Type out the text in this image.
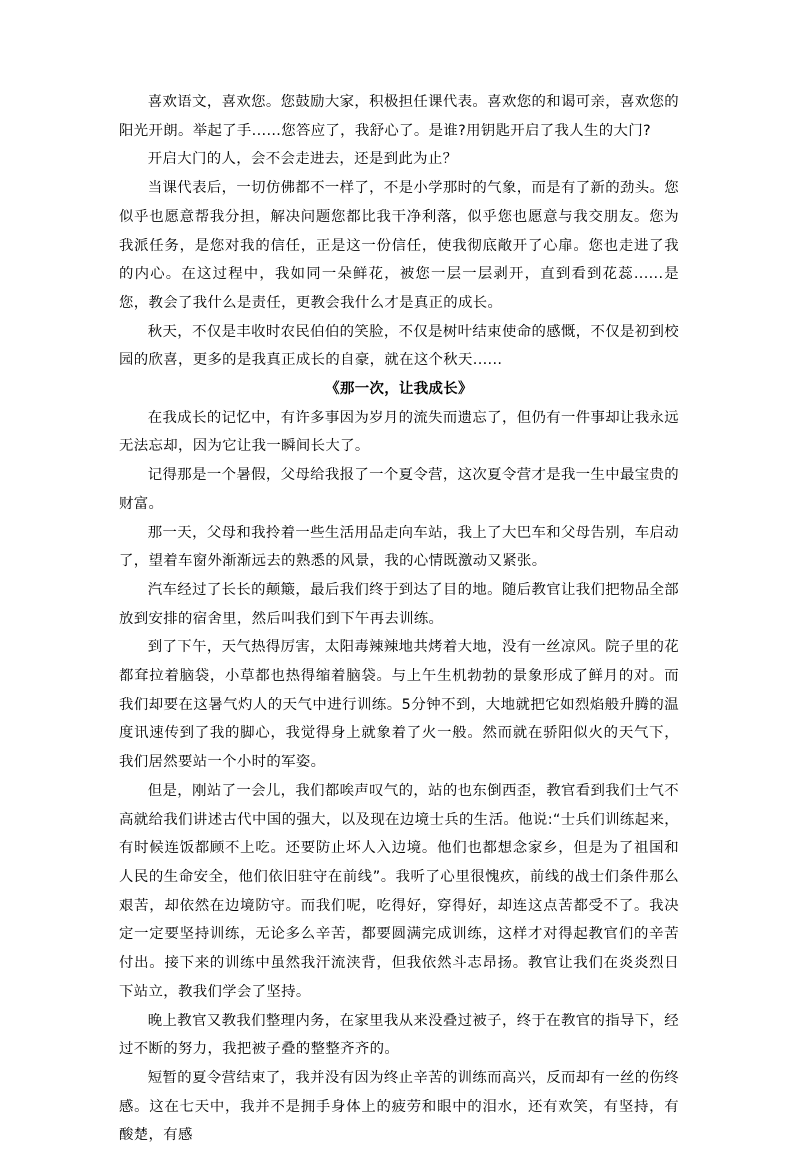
喜欢语文，喜欢您。您鼓励大家，积极担任课代表。喜欢您的和谒可亲，喜欢您的阳光开朗。举起了手......您答应了，我舒心了。是谁?用钥匙开启了我人生的大门?

开启大门的人，会不会走进去，还是到此为止？

当课代表后，一切仿佛都不一样了，不是小学那时的气象，而是有了新的劲头。您似乎也愿意帮我分担，解决问题您都比我干净利落，似乎您也愿意与我交朋友。您为我派任务，是您对我的信任，正是这一份信任，使我彻底敞开了心扉。您也走进了我的内心。在这过程中，我如同一朵鲜花，被您一层一层剥开，直到看到花蕊......是您，教会了我什么是责任，更教会我什么才是真正的成长。

秋天，不仅是丰收时农民伯伯的笑脸，不仅是树叶结束使命的感慨，不仅是初到校园的欣喜，更多的是我真正成长的自豪，就在这个秋天......

《那一次，让我成长》

在我成长的记忆中，有许多事因为岁月的流失而遗忘了，但仍有一件事却让我永远无法忘却，因为它让我一瞬间长大了。

记得那是一个暑假，父母给我报了一个夏令营，这次夏令营才是我一生中最宝贵的财富。

那一天，父母和我拎着一些生活用品走向车站，我上了大巴车和父母告别，车启动了，望着车窗外渐渐远去的熟悉的风景，我的心情既激动又紧张。

汽车经过了长长的颠簸，最后我们终于到达了目的地。随后教官让我们把物品全部放到安排的宿舍里，然后叫我们到下午再去训练。

到了下午，天气热得厉害，太阳毒辣辣地共烤着大地，没有一丝凉风。院子里的花都耷拉着脑袋，小草都也热得缩着脑袋。与上午生机勃勃的景象形成了鲜月的对。而我们却要在这暑气灼人的天气中进行训练。5分钟不到，大地就把它如烈焰般升腾的温度讯速传到了我的脚心，我觉得身上就象着了火一般。然而就在骄阳似火的天气下，我们居然要站一个小时的军姿。

但是，刚站了一会儿，我们都唉声叹气的，站的也东倒西歪，教官看到我们士气不高就给我们讲述古代中国的强大，以及现在边境士兵的生活。他说:“士兵们训练起来，有时候连饭都顾不上吃。还要防止坏人入边境。他们也都想念家乡，但是为了祖国和人民的生命安全，他们依旧驻守在前线”。我听了心里很愧疚，前线的战士们条件那么艰苦，却依然在边境防守。而我们呢，吃得好，穿得好，却连这点苦都受不了。我决定一定要坚持训练，无论多么辛苦，都要圆满完成训练，这样才对得起教官们的辛苦付出。接下来的训练中虽然我汗流浃背，但我依然斗志昂扬。教官让我们在炎炎烈日下站立，教我们学会了坚持。

晚上教官又教我们整理内务，在家里我从来没叠过被子，终于在教官的指导下，经过不断的努力，我把被子叠的整整齐齐的。

短暂的夏令营结束了，我并没有因为终止辛苦的训练而高兴，反而却有一丝的伤终感。这在七天中，我并不是拥手身体上的疲劳和眼中的泪水，还有欢笑，有坚持，有酸楚，有感
